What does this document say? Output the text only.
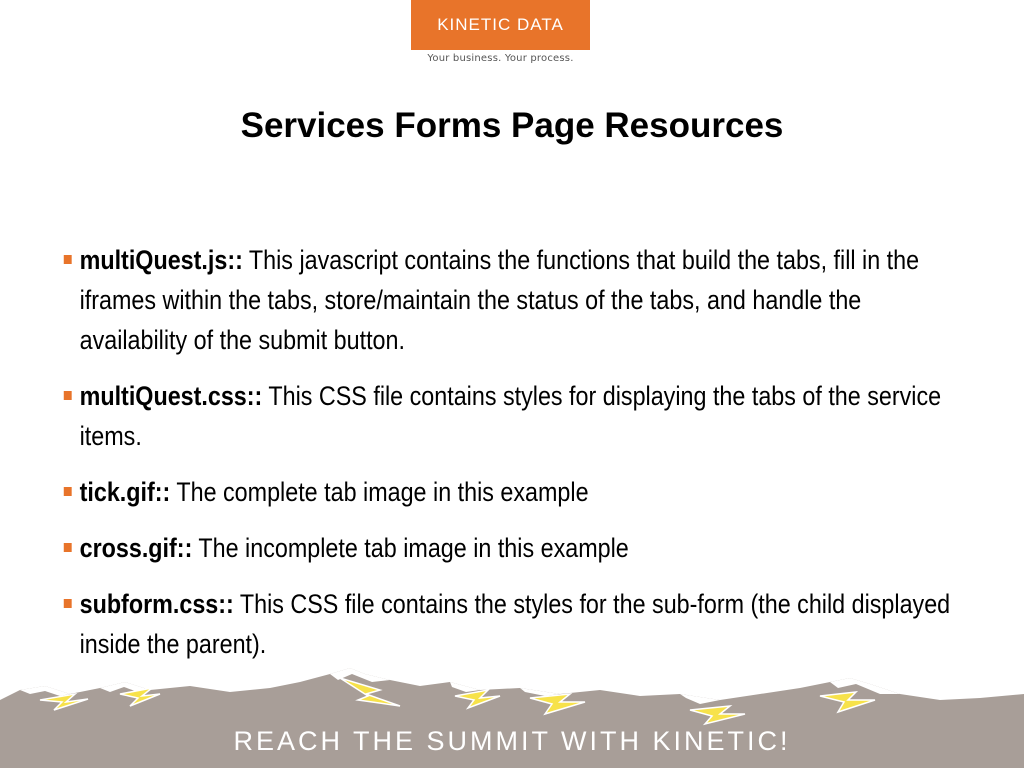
KINETIC DATA
Your business. Your process.
Services Forms Page Resources
multiQuest.js:: This javascript contains the functions that build the tabs, fill in the iframes within the tabs, store/maintain the status of the tabs, and handle the availability of the submit button.
multiQuest.css:: This CSS file contains styles for displaying the tabs of the service items.
tick.gif:: The complete tab image in this example
cross.gif:: The incomplete tab image in this example
subform.css:: This CSS file contains the styles for the sub-form (the child displayed inside the parent).
REACH THE SUMMIT WITH KINETIC!
